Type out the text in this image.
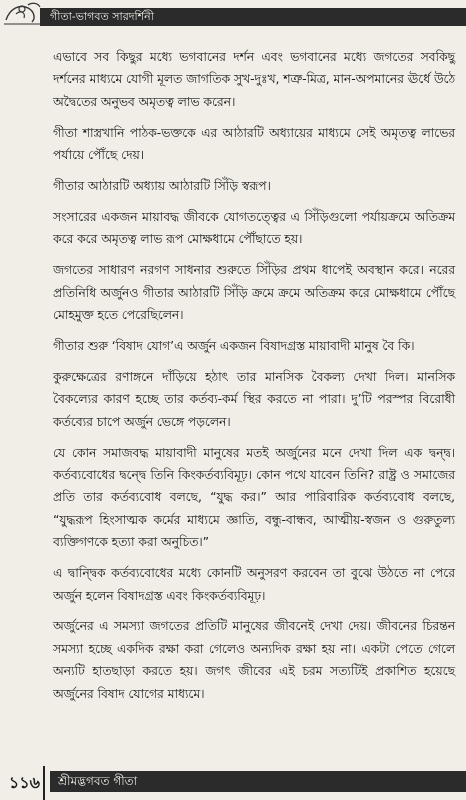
গীতা-ভাগবত সারদর্শিনী

এভাবে সব কিছুর মধ্যে ভগবানের দর্শন এবং ভগবানের মধ্যে জগতের সবকিছু দর্শনের মাধ্যমে যোগী মূলত জাগতিক সুখ-দুঃখ, শত্রু-মিত্র, মান-অপমানের ঊর্ধে উঠে অদ্বৈতের অনুভব অমৃতত্ব লাভ করেন।

গীতা শাস্ত্রখানি পাঠক-ভক্তকে এর আঠারটি অধ্যায়ের মাধ্যমে সেই অমৃতত্ব লাভের পর্যায়ে পৌঁছে দেয়।

গীতার আঠারটি অধ্যায় আঠারটি সিঁড়ি স্বরূপ।

সংসারের একজন মায়াবদ্ধ জীবকে যোগতত্ত্বের এ সিঁড়িগুলো পর্যায়ক্রমে অতিক্রম করে করে অমৃতত্ব লাভ রূপ মোক্ষধামে পৌঁছাতে হয়।

জগতের সাধারণ নরগণ সাধনার শুরুতে সিঁড়ির প্রথম ধাপেই অবস্থান করে। নরের প্রতিনিধি অর্জুনও গীতার আঠারটি সিঁড়ি ক্রমে ক্রমে অতিক্রম করে মোক্ষধামে পৌঁছে মোহমুক্ত হতে পেরেছিলেন।

গীতার শুরু ‘বিষাদ যোগ’এ অর্জুন একজন বিষাদগ্রস্ত মায়াবাদী মানুষ বৈ কি।

কুরুক্ষেত্রের রণাঙ্গনে দাঁড়িয়ে হঠাৎ তার মানসিক বৈকল্য দেখা দিল। মানসিক বৈকল্যের কারণ হচ্ছে তার কর্তব্য-কর্ম স্থির করতে না পারা। দু’টি পরস্পর বিরোধী কর্তব্যের চাপে অর্জুন ভেঙ্গে পড়লেন।

যে কোন সমাজবদ্ধ মায়াবাদী মানুষের মতই অর্জুনের মনে দেখা দিল এক দ্বন্দ্ব। কর্তব্যবোধের দ্বন্দ্বে তিনি কিংকর্তব্যবিমূঢ়। কোন পথে যাবেন তিনি? রাষ্ট্র ও সমাজের প্রতি তার কর্তব্যবোধ বলছে, “যুদ্ধ কর।” আর পারিবারিক কর্তব্যবোধ বলছে, “যুদ্ধরূপ হিংসাত্মক কর্মের মাধ্যমে জ্ঞাতি, বন্ধু-বান্ধব, আত্মীয়-স্বজন ও গুরুতুল্য ব্যক্তিগণকে হত্যা করা অনুচিত।”

এ দ্বান্দ্বিক কর্তব্যবোধের মধ্যে কোনটি অনুসরণ করবেন তা বুঝে উঠতে না পেরে অর্জুন হলেন বিষাদগ্রস্ত এবং কিংকর্তব্যবিমূঢ়।

অর্জুনের এ সমস্যা জগতের প্রতিটি মানুষের জীবনেই দেখা দেয়। জীবনের চিরন্তন সমস্যা হচ্ছে একদিক রক্ষা করা গেলেও অন্যদিক রক্ষা হয় না। একটা পেতে গেলে অন্যটি হাতছাড়া করতে হয়। জগৎ জীবের এই চরম সত্যটিই প্রকাশিত হয়েছে অর্জুনের বিষাদ যোগের মাধ্যমে।

১১৬	শ্রীমদ্ভগবত গীতা
